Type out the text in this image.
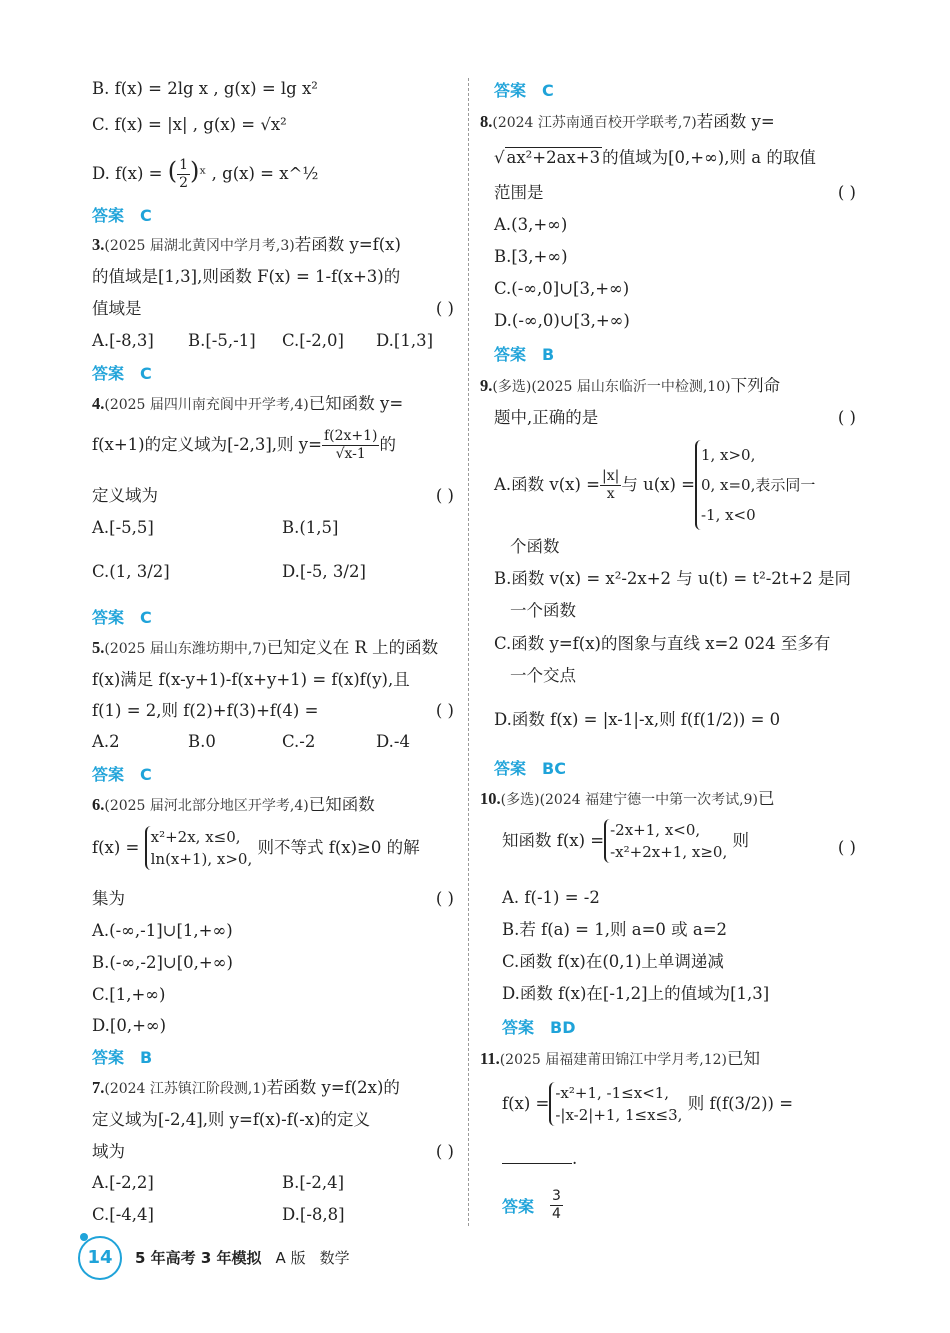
B. f(x) = 2lg x , g(x) = lg x²
C. f(x) = |x| , g(x) = √x²
D. f(x) = ( $\frac{1}{2}$ )ˣ , g(x) = x^½
答案 C
3.(2025 届湖北黄冈中学月考,3)若函数 y=f(x)
的值域是[1,3],则函数 F(x) = 1-f(x+3)的
值域是	( )
A.[-8,3] B.[-5,-1] C.[-2,0] D.[1,3]
答案 C
4.(2025 届四川南充阆中开学考,4)已知函数 y=
f(x+1)的定义域为[-2,3],则 $y= \frac{f(2x+1)}{√x-1}$ 的
定义域为	( )
A.[-5,5]	B.(1,5]
C.(1, 3/2]	D.[-5, 3/2]
答案 C
5.(2025 届山东潍坊期中,7)已知定义在 R 上的函数
f(x)满足 f(x-y+1)-f(x+y+1) = f(x)f(y),且
f(1) = 2,则 f(2)+f(3)+f(4) =	( )
A.2	B.0	C.-2	D.-4
答案 C
6.(2025 届河北部分地区开学考,4)已知函数
f(x) =
x²+2x, x≤0,
ln(x+1), x>0,
则不等式 f(x)≥0 的解
集为	( )
A.(-∞,-1]∪[1,+∞)
B.(-∞,-2]∪[0,+∞)
C.[1,+∞)
D.[0,+∞)
答案 B
7.(2024 江苏镇江阶段测,1)若函数 y=f(2x)的
定义域为[-2,4],则 y=f(x)-f(-x)的定义
域为	( )
A.[-2,2]	B.[-2,4]
C.[-4,4]	D.[-8,8]
答案 C
8.(2024 江苏南通百校开学联考,7)若函数 y=
√ ax²+2ax+3 的值域为[0,+∞),则 a 的取值
范围是	( )
A.(3,+∞)
B.[3,+∞)
C.(-∞,0]∪[3,+∞)
D.(-∞,0)∪[3,+∞)
答案 B
9.(多选)(2025 届山东临沂一中检测,10)下列命
题中,正确的是	( )
A.函数 $v(x) = \frac{|x|}{x}$ 与 u(x) =
1, x>0,
0, x=0,表示同一
-1, x<0
个函数
B.函数 v(x) = x²-2x+2 与 u(t) = t²-2t+2 是同
一个函数
C.函数 y=f(x)的图象与直线 x=2 024 至多有
一个交点
D.函数 f(x) = |x-1|-x,则 f(f(1/2)) = 0
答案 BC
10.(多选)(2024 福建宁德一中第一次考试,9)已
知函数 f(x) =
-2x+1, x<0,
-x²+2x+1, x≥0,
则	( )
A. f(-1) = -2
B.若 f(a) = 1,则 a=0 或 a=2
C.函数 f(x)在(0,1)上单调递减
D.函数 f(x)在[-1,2]上的值域为[1,3]
答案 BD
11.(2025 届福建莆田锦江中学月考,12)已知
f(x) =
-x²+1, -1≤x<1,
-|x-2|+1, 1≤x≤3,
则 f(f(3/2)) =
.
答案 $\frac{3}{4}$
14	5 年高考 3 年模拟 A 版 数学
